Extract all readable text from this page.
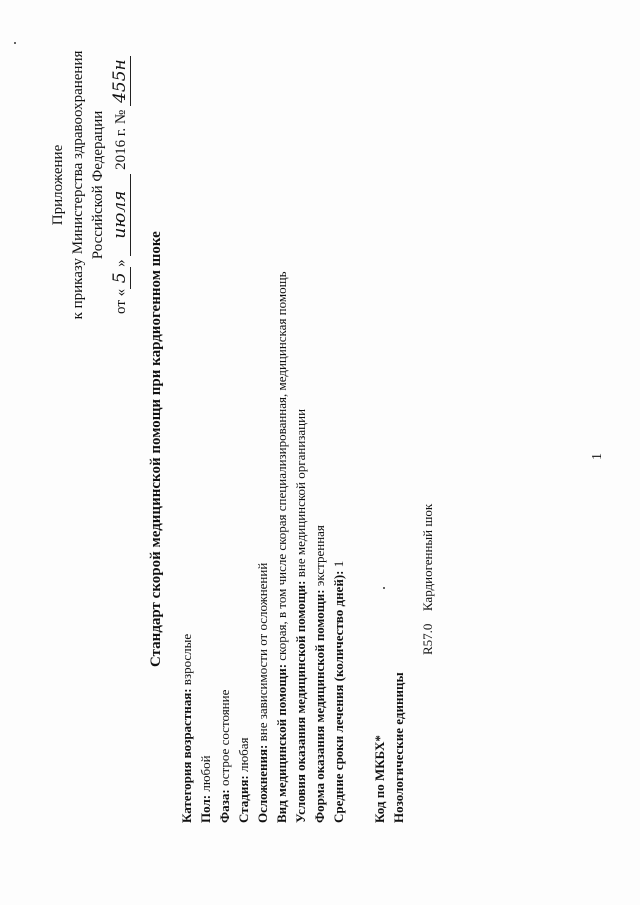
Приложение к приказу Министерства здравоохранения Российской Федерации
от «5» июля 2016 г. № 455н
Стандарт скорой медицинской помощи при кардиогенном шоке
Категория возрастная: взрослые
Пол: любой
Фаза: острое состояние
Стадия: любая Осложнения: вне зависимости от осложнений Вид медицинской помощи: скорая, в том числе скорая специализированная, медицинская помощь
Условия оказания медицинской помощи: вне медицинской организации
Форма оказания медицинской помощи: экстренная
Средние сроки лечения (количество дней): 1
Код по МКБХ* Нозологические единицы
R57.0  Кардиогенный шок
1
